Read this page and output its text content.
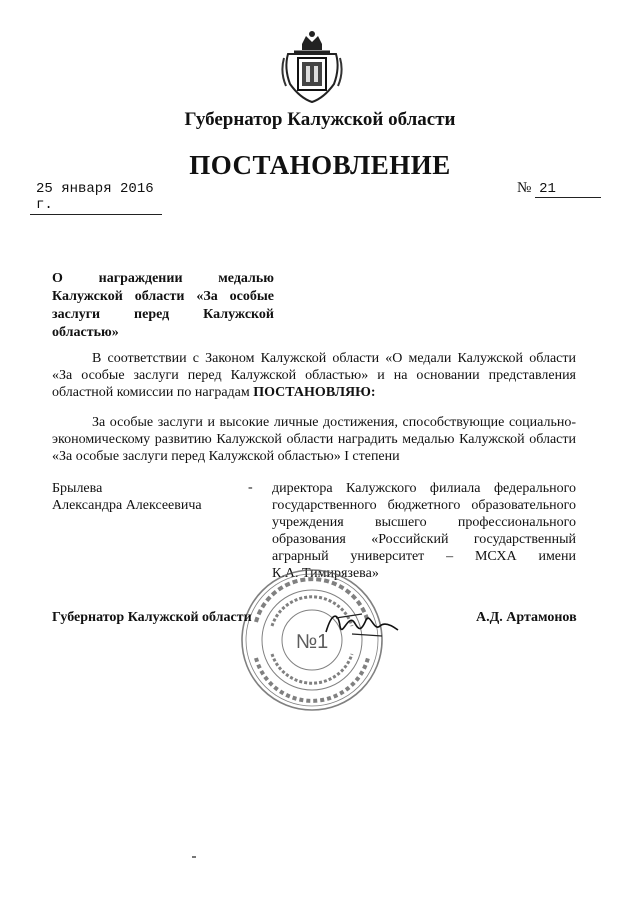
Губернатор Калужской области
ПОСТАНОВЛЕНИЕ
25 января 2016 г.
№ 21
О награждении медалью
Калужской области «За особые
заслуги перед Калужской
областью»
В соответствии с Законом Калужской области «О медали Калужской области
«За особые заслуги перед Калужской областью» и на основании представления
областной комиссии по наградам ПОСТАНОВЛЯЮ:
За особые заслуги и высокие личные достижения, способствующие социально-
экономическому развитию Калужской области наградить медалью Калужской области
«За особые заслуги перед Калужской областью» I степени
Брылева
Александра Алексеевича
- директора Калужского филиала федерального
государственного бюджетного образовательного
учреждения высшего профессионального
образования «Российский государственный
аграрный университет – МСХА имени
К.А. Тимирязева»
№1
Губернатор Калужской области	А.Д. Артамонов
